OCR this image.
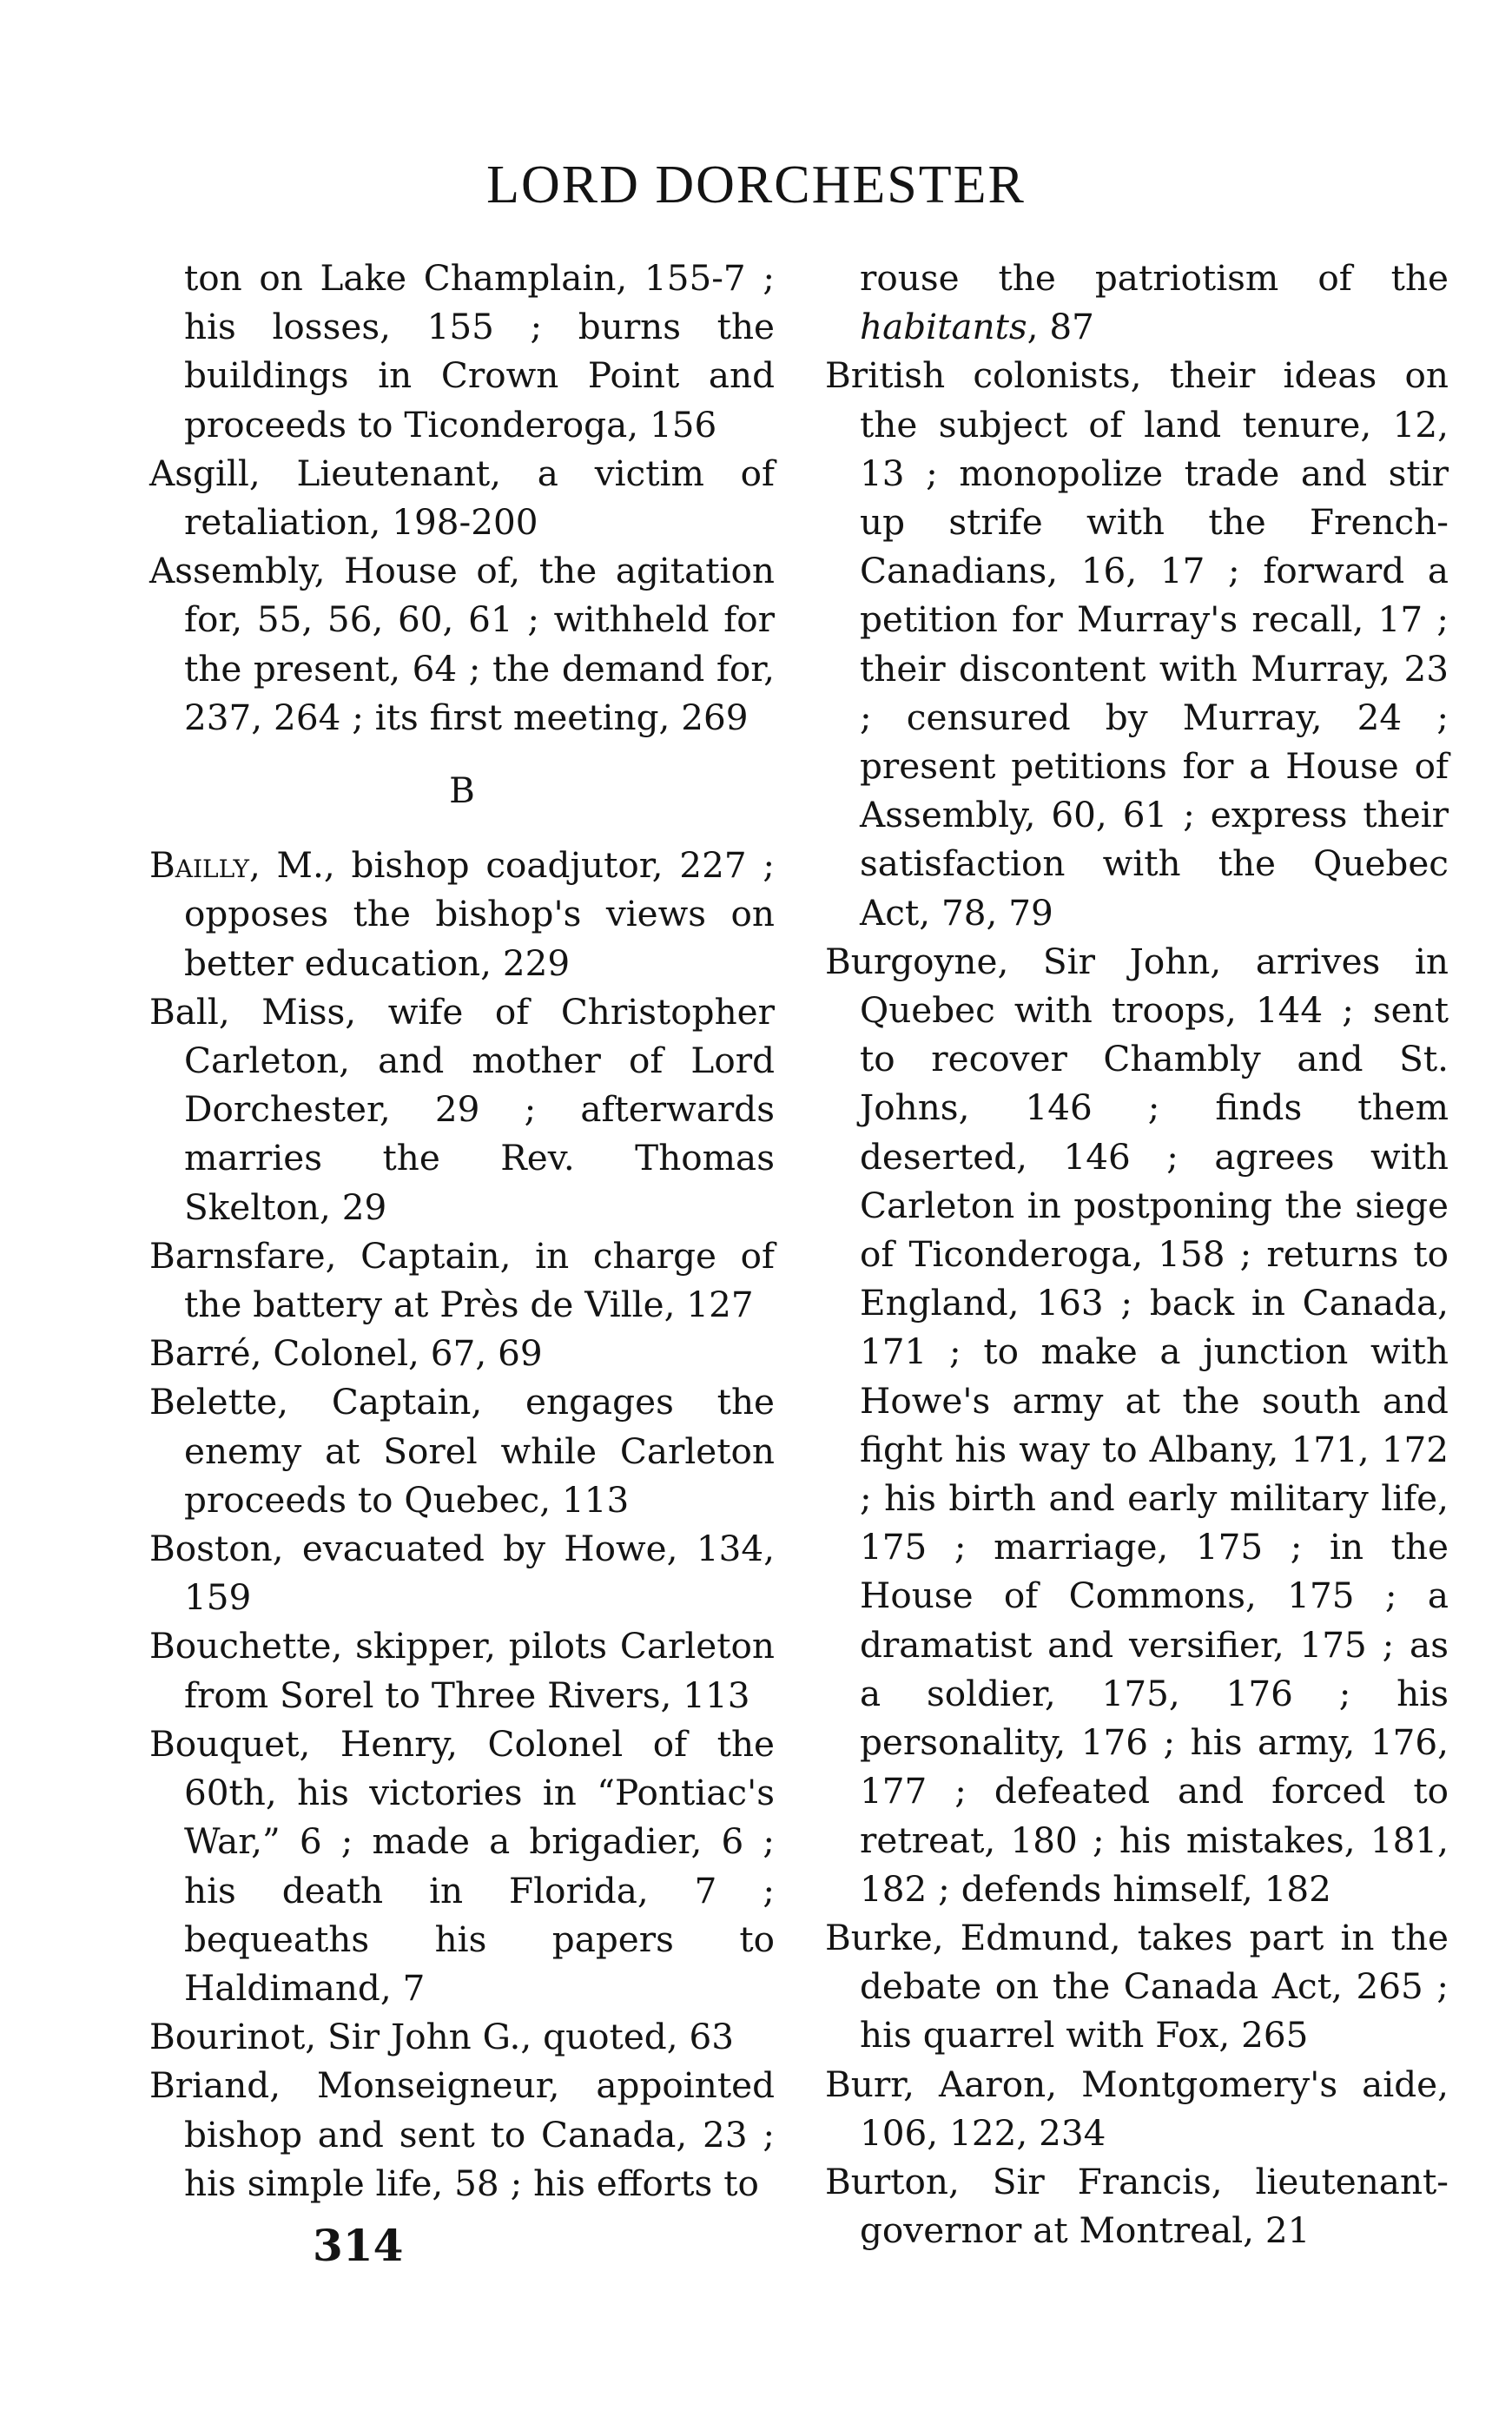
LORD DORCHESTER

ton on Lake Champlain, 155-7 ; his losses, 155 ; burns the buildings in Crown Point and proceeds to Ticonderoga, 156

Asgill, Lieutenant, a victim of retaliation, 198-200

Assembly, House of, the agitation for, 55, 56, 60, 61 ; withheld for the present, 64 ; the demand for, 237, 264 ; its first meeting, 269

B

Bailly, M., bishop coadjutor, 227 ; opposes the bishop's views on better education, 229

Ball, Miss, wife of Christopher Carleton, and mother of Lord Dorchester, 29 ; afterwards marries the Rev. Thomas Skelton, 29

Barnsfare, Captain, in charge of the battery at Près de Ville, 127

Barré, Colonel, 67, 69

Belette, Captain, engages the enemy at Sorel while Carleton proceeds to Quebec, 113

Boston, evacuated by Howe, 134, 159

Bouchette, skipper, pilots Carleton from Sorel to Three Rivers, 113

Bouquet, Henry, Colonel of the 60th, his victories in “Pontiac's War,” 6 ; made a brigadier, 6 ; his death in Florida, 7 ; bequeaths his papers to Haldimand, 7

Bourinot, Sir John G., quoted, 63

Briand, Monseigneur, appointed bishop and sent to Canada, 23 ; his simple life, 58 ; his efforts to

rouse the patriotism of the habitants, 87

British colonists, their ideas on the subject of land tenure, 12, 13 ; monopolize trade and stir up strife with the French-Canadians, 16, 17 ; forward a petition for Murray's recall, 17 ; their discontent with Murray, 23 ; censured by Murray, 24 ; present petitions for a House of Assembly, 60, 61 ; express their satisfaction with the Quebec Act, 78, 79

Burgoyne, Sir John, arrives in Quebec with troops, 144 ; sent to recover Chambly and St. Johns, 146 ; finds them deserted, 146 ; agrees with Carleton in postponing the siege of Ticonderoga, 158 ; returns to England, 163 ; back in Canada, 171 ; to make a junction with Howe's army at the south and fight his way to Albany, 171, 172 ; his birth and early military life, 175 ; marriage, 175 ; in the House of Commons, 175 ; a dramatist and versifier, 175 ; as a soldier, 175, 176 ; his personality, 176 ; his army, 176, 177 ; defeated and forced to retreat, 180 ; his mistakes, 181, 182 ; defends himself, 182

Burke, Edmund, takes part in the debate on the Canada Act, 265 ; his quarrel with Fox, 265

Burr, Aaron, Montgomery's aide, 106, 122, 234

Burton, Sir Francis, lieutenant-governor at Montreal, 21

314
